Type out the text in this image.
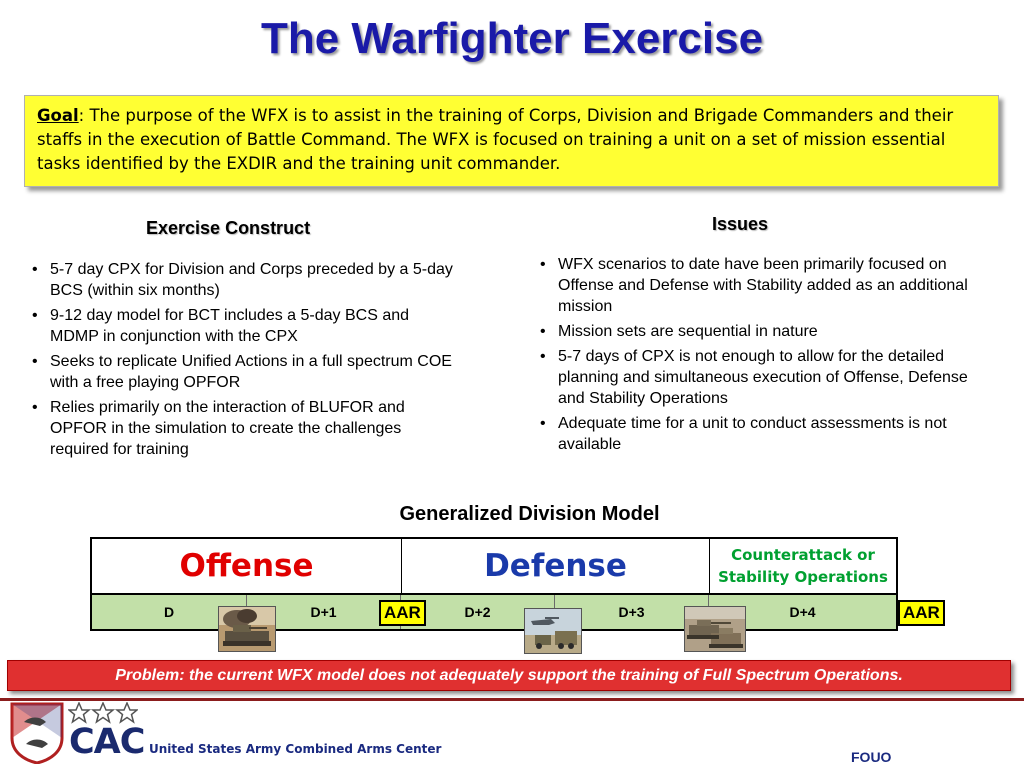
The Warfighter Exercise
Goal: The purpose of the WFX is to assist in the training of Corps, Division and Brigade Commanders and their staffs in the execution of Battle Command. The WFX is focused on training a unit on a set of mission essential tasks identified by the EXDIR and the training unit commander.
Exercise Construct
• 5-7 day CPX for Division and Corps preceded by a 5-day BCS (within six months)
• 9-12 day model for BCT includes a 5-day BCS and MDMP in conjunction with the CPX
• Seeks to replicate Unified Actions in a full spectrum COE with a free playing OPFOR
• Relies primarily on the interaction of BLUFOR and OPFOR in the simulation to create the challenges required for training
Issues
• WFX scenarios to date have been primarily focused on Offense and Defense with Stability added as an additional mission
• Mission sets are sequential in nature
• 5-7 days of CPX is not enough to allow for the detailed planning and simultaneous execution of Offense, Defense and Stability Operations
• Adequate time for a unit to conduct assessments is not available
Generalized Division Model
Offense	Defense	Counterattack or Stability Operations
D	D+1	D+2	D+3	D+4
AAR	AAR
Problem: the current WFX model does not adequately support the training of Full Spectrum Operations.
CAC United States Army Combined Arms Center	FOUO
